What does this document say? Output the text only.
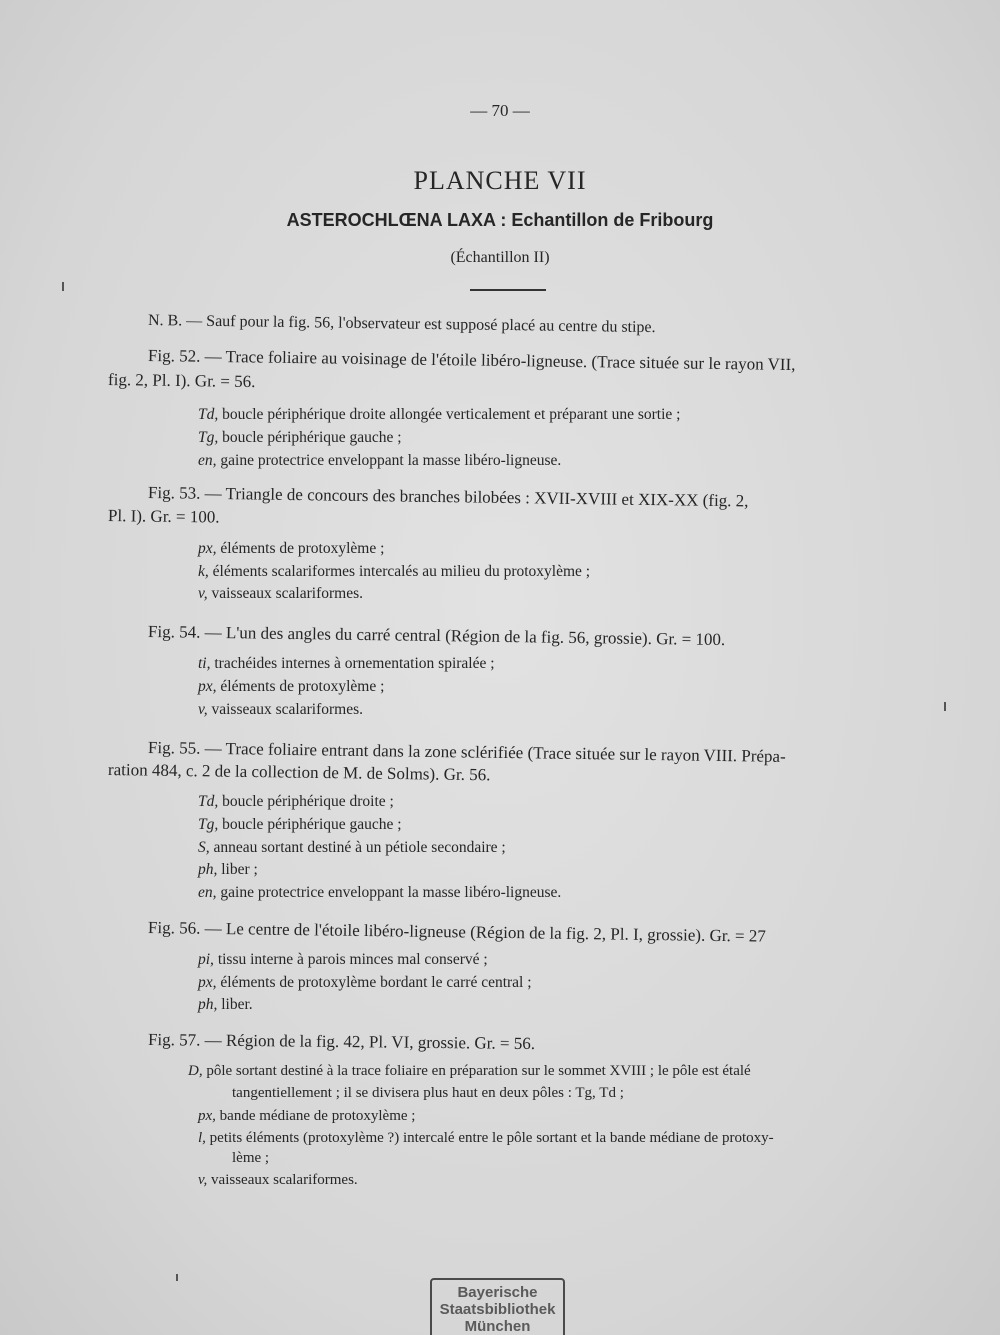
— 70 —
PLANCHE VII
ASTEROCHLŒNA LAXA : Echantillon de Fribourg
(Échantillon II)
N. B. — Sauf pour la fig. 56, l'observateur est supposé placé au centre du stipe.
Fig. 52. — Trace foliaire au voisinage de l'étoile libéro-ligneuse. (Trace située sur le rayon VII,
fig. 2, Pl. I). Gr. = 56.
Td, boucle périphérique droite allongée verticalement et préparant une sortie ;
Tg, boucle périphérique gauche ;
en, gaine protectrice enveloppant la masse libéro-ligneuse.
Fig. 53. — Triangle de concours des branches bilobées : XVII-XVIII et XIX-XX (fig. 2,
Pl. I). Gr. = 100.
px, éléments de protoxylème ;
k, éléments scalariformes intercalés au milieu du protoxylème ;
v, vaisseaux scalariformes.
Fig. 54. — L'un des angles du carré central (Région de la fig. 56, grossie). Gr. = 100.
ti, trachéides internes à ornementation spiralée ;
px, éléments de protoxylème ;
v, vaisseaux scalariformes.
Fig. 55. — Trace foliaire entrant dans la zone sclérifiée (Trace située sur le rayon VIII. Prépa-
ration 484, c. 2 de la collection de M. de Solms). Gr. 56.
Td, boucle périphérique droite ;
Tg, boucle périphérique gauche ;
S, anneau sortant destiné à un pétiole secondaire ;
ph, liber ;
en, gaine protectrice enveloppant la masse libéro-ligneuse.
Fig. 56. — Le centre de l'étoile libéro-ligneuse (Région de la fig. 2, Pl. I, grossie). Gr. = 27
pi, tissu interne à parois minces mal conservé ;
px, éléments de protoxylème bordant le carré central ;
ph, liber.
Fig. 57. — Région de la fig. 42, Pl. VI, grossie. Gr. = 56.
D, pôle sortant destiné à la trace foliaire en préparation sur le sommet XVIII ; le pôle est étalé
tangentiellement ; il se divisera plus haut en deux pôles : Tg, Td ;
px, bande médiane de protoxylème ;
l, petits éléments (protoxylème ?) intercalé entre le pôle sortant et la bande médiane de protoxy-
lème ;
v, vaisseaux scalariformes.
Bayerische
Staatsbibliothek
München
